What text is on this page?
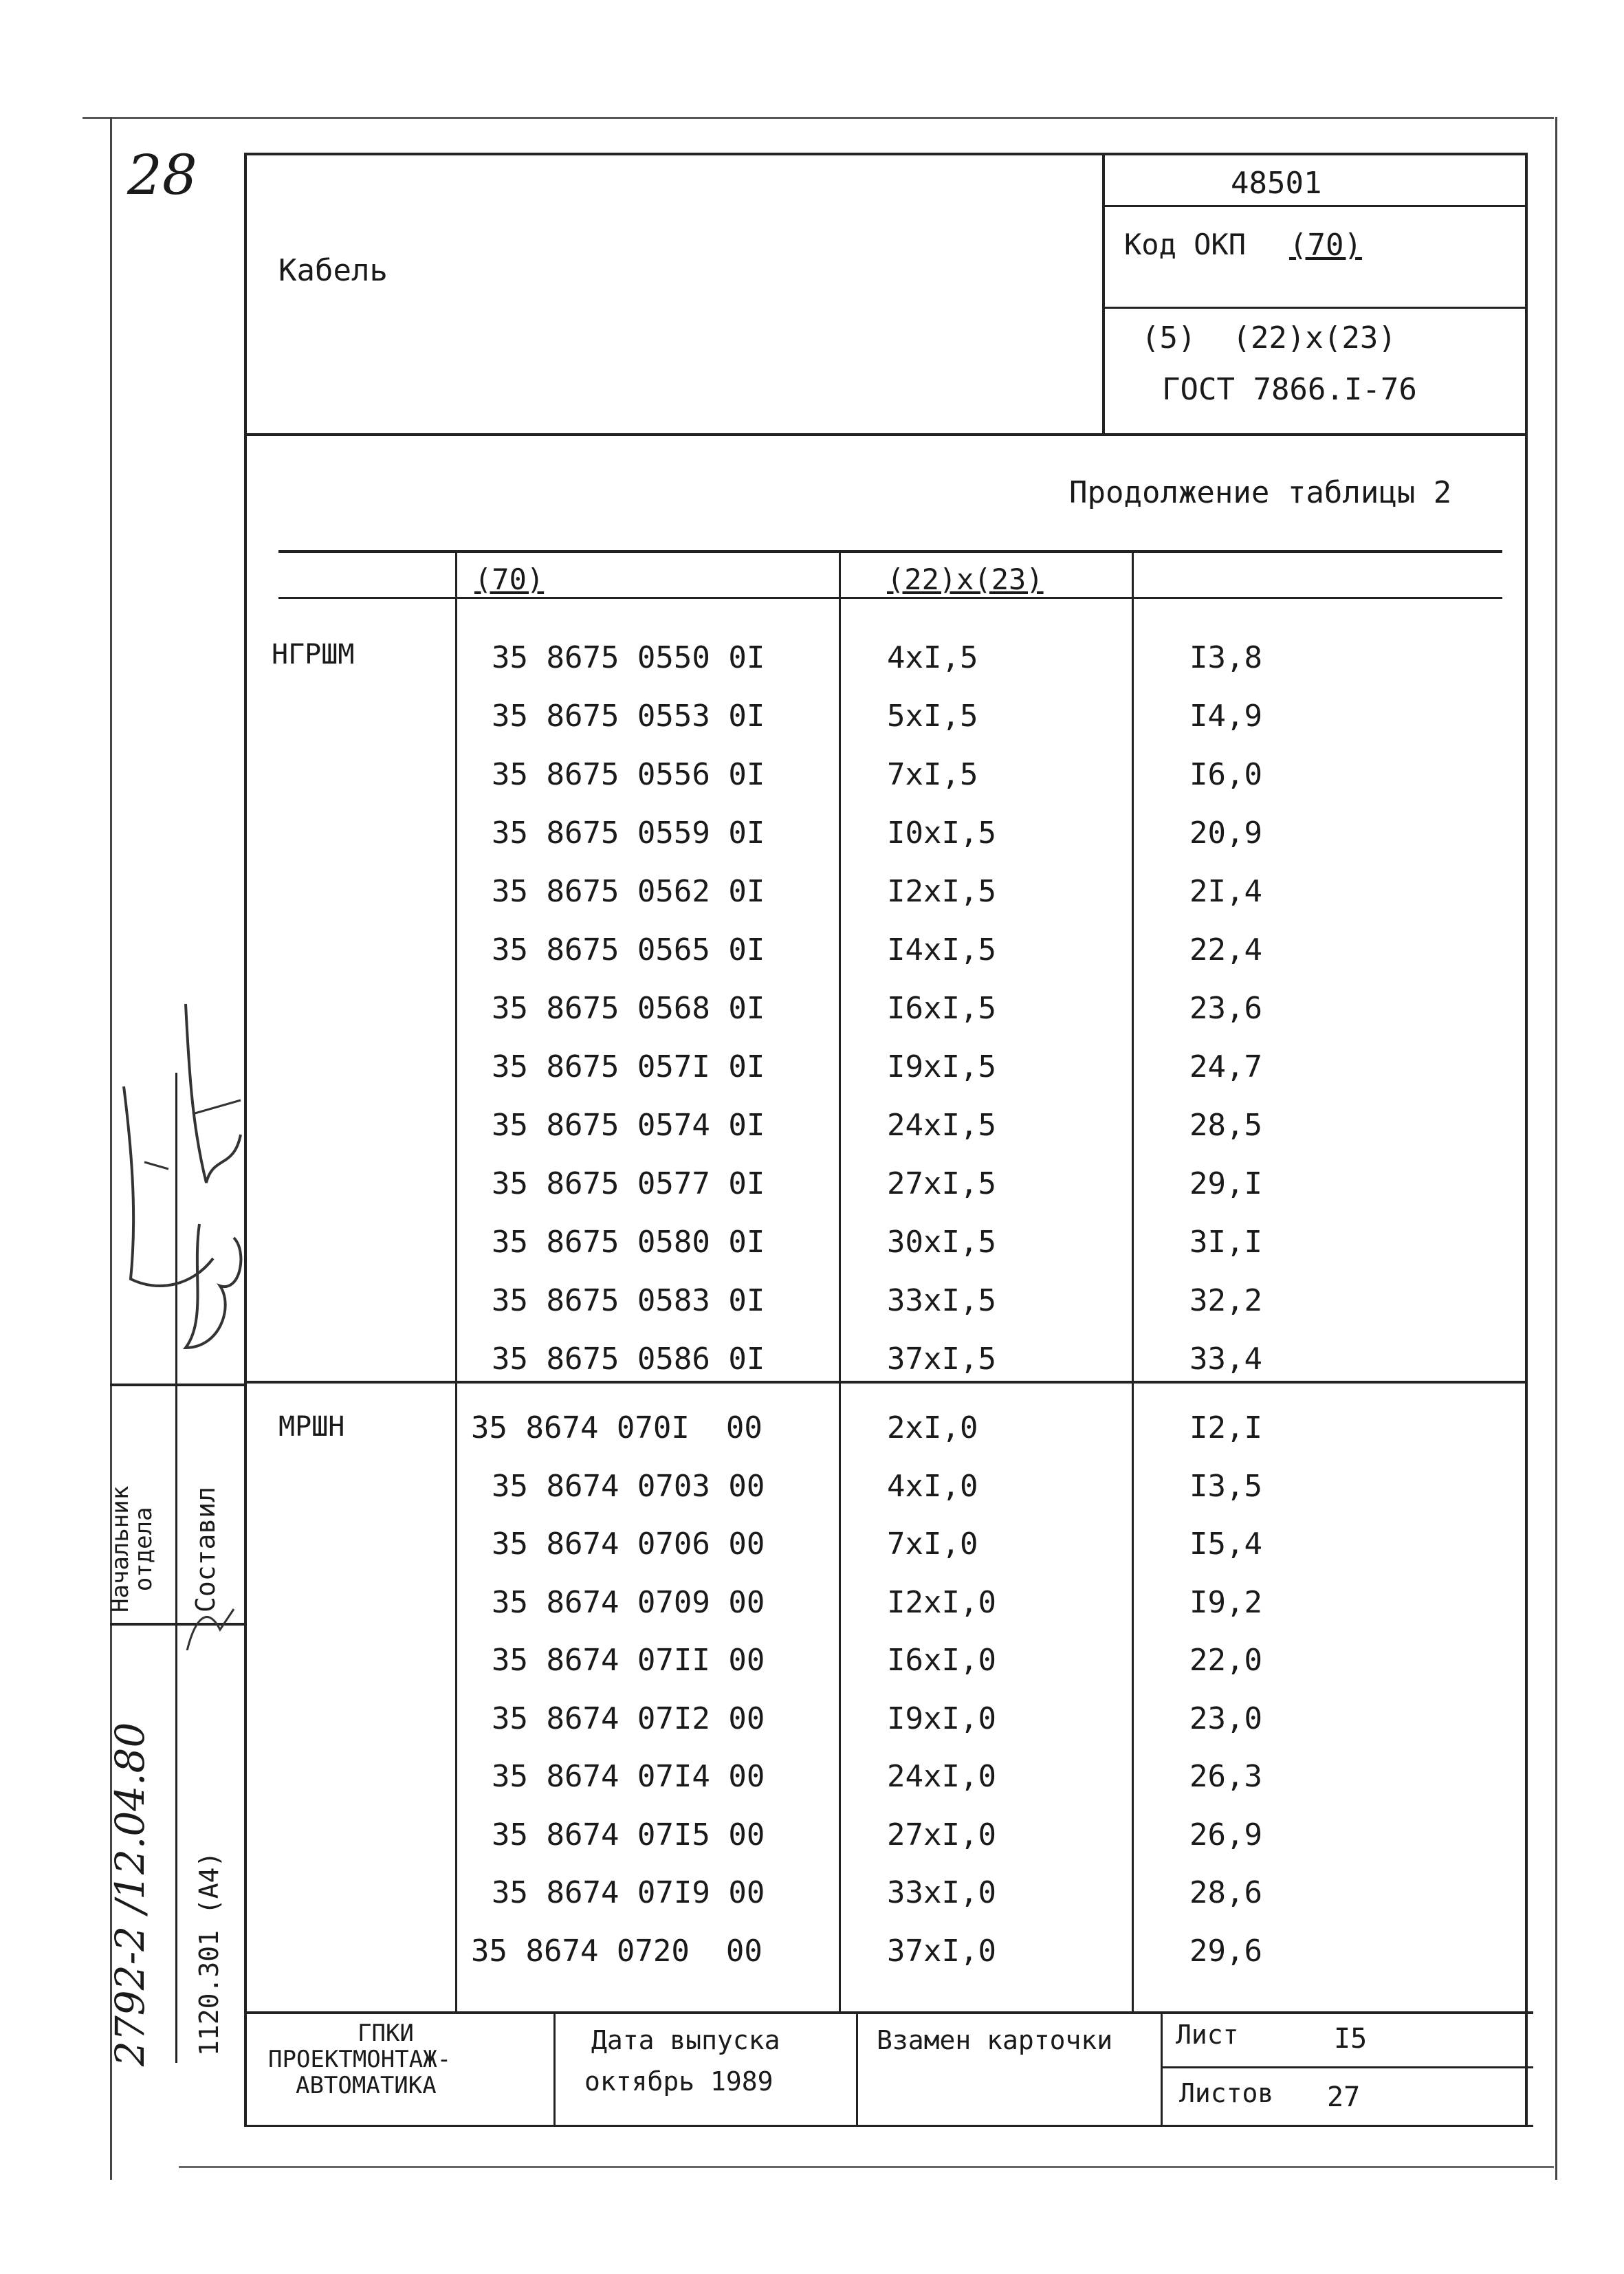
28
Кабель
48501
Код ОКП (70)
(5)  (22)x(23)
ГОСТ 7866.I-76
Продолжение таблицы 2
(70)	(22)x(23)
НГРШМ
МРШН
35 8675 0550 0I	4xI,5	I3,8
35 8675 0553 0I	5xI,5	I4,9
35 8675 0556 0I	7xI,5	I6,0
35 8675 0559 0I	I0xI,5	20,9
35 8675 0562 0I	I2xI,5	2I,4
35 8675 0565 0I	I4xI,5	22,4
35 8675 0568 0I	I6xI,5	23,6
35 8675 057I 0I	I9xI,5	24,7
35 8675 0574 0I	24xI,5	28,5
35 8675 0577 0I	27xI,5	29,I
35 8675 0580 0I	30xI,5	3I,I
35 8675 0583 0I	33xI,5	32,2
35 8675 0586 0I	37xI,5	33,4
35 8674 070I  00	2xI,0	I2,I
35 8674 0703 00	4xI,0	I3,5
35 8674 0706 00	7xI,0	I5,4
35 8674 0709 00	I2xI,0	I9,2
35 8674 07II 00	I6xI,0	22,0
35 8674 07I2 00	I9xI,0	23,0
35 8674 07I4 00	24xI,0	26,3
35 8674 07I5 00	27xI,0	26,9
35 8674 07I9 00	33xI,0	28,6
35 8674 0720  00	37xI,0	29,6
Начальник
отдела Составил
2792-2 /12.04.80 1120.301 (A4)	ГПКИ
ПРОЕКТМОНТАЖ-
АВТОМАТИКА
Дата выпуска
октябрь 1989
Взамен карточки Лист	I5
Листов 27
